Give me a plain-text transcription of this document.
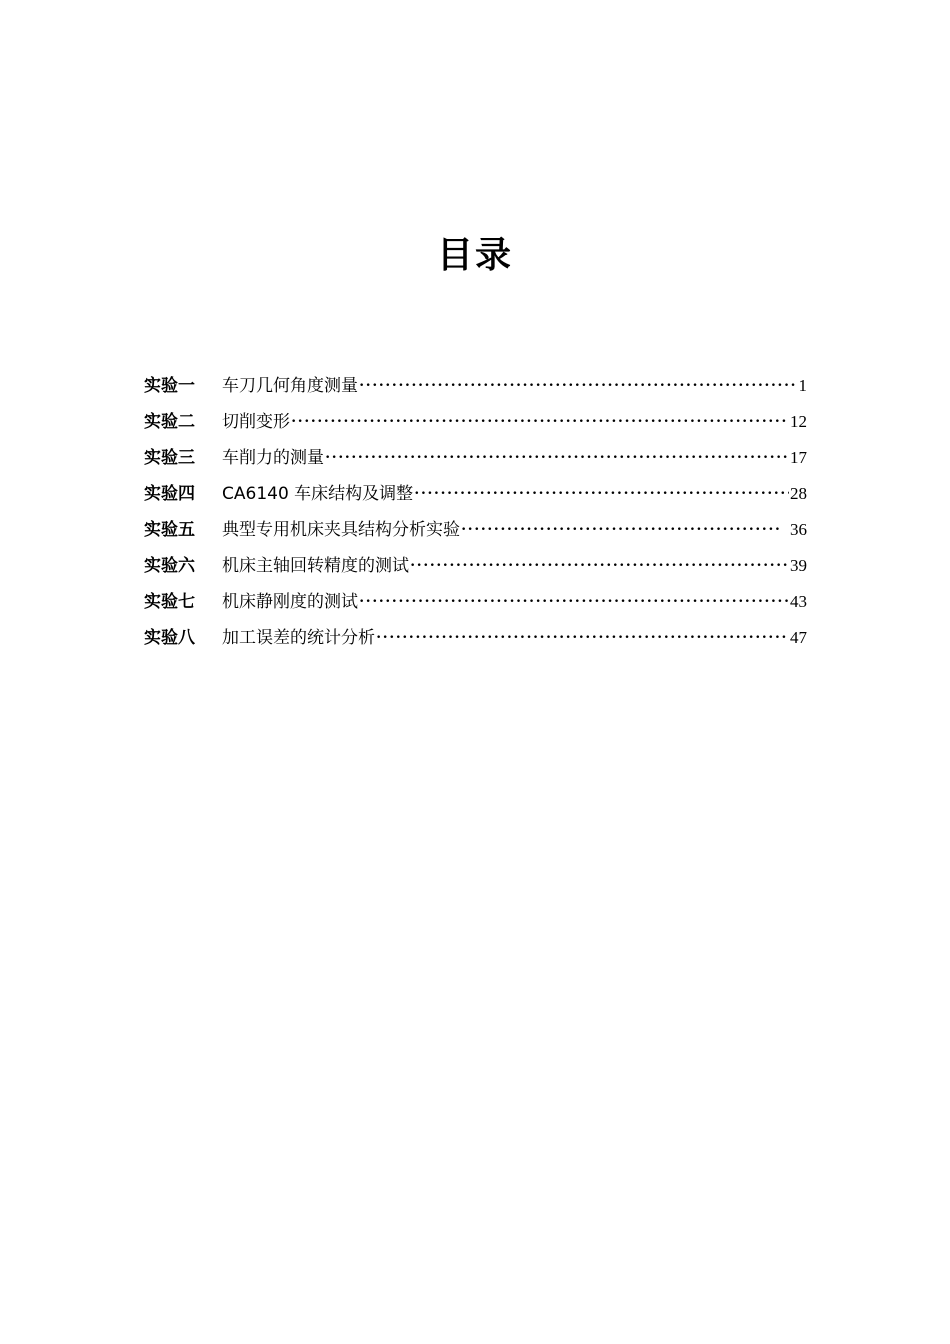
目录
实验一	车刀几何角度测量 ·····	1
实验二	切削变形 ·····	12
实验三	车削力的测量 ·····	17
实验四	CA6140 车床结构及调整 ·····	28
实验五	典型专用机床夹具结构分析实验 ·····	36
实验六	机床主轴回转精度的测试 ·····	39
实验七	机床静刚度的测试 ·····	43
实验八	加工误差的统计分析 ·····	47
